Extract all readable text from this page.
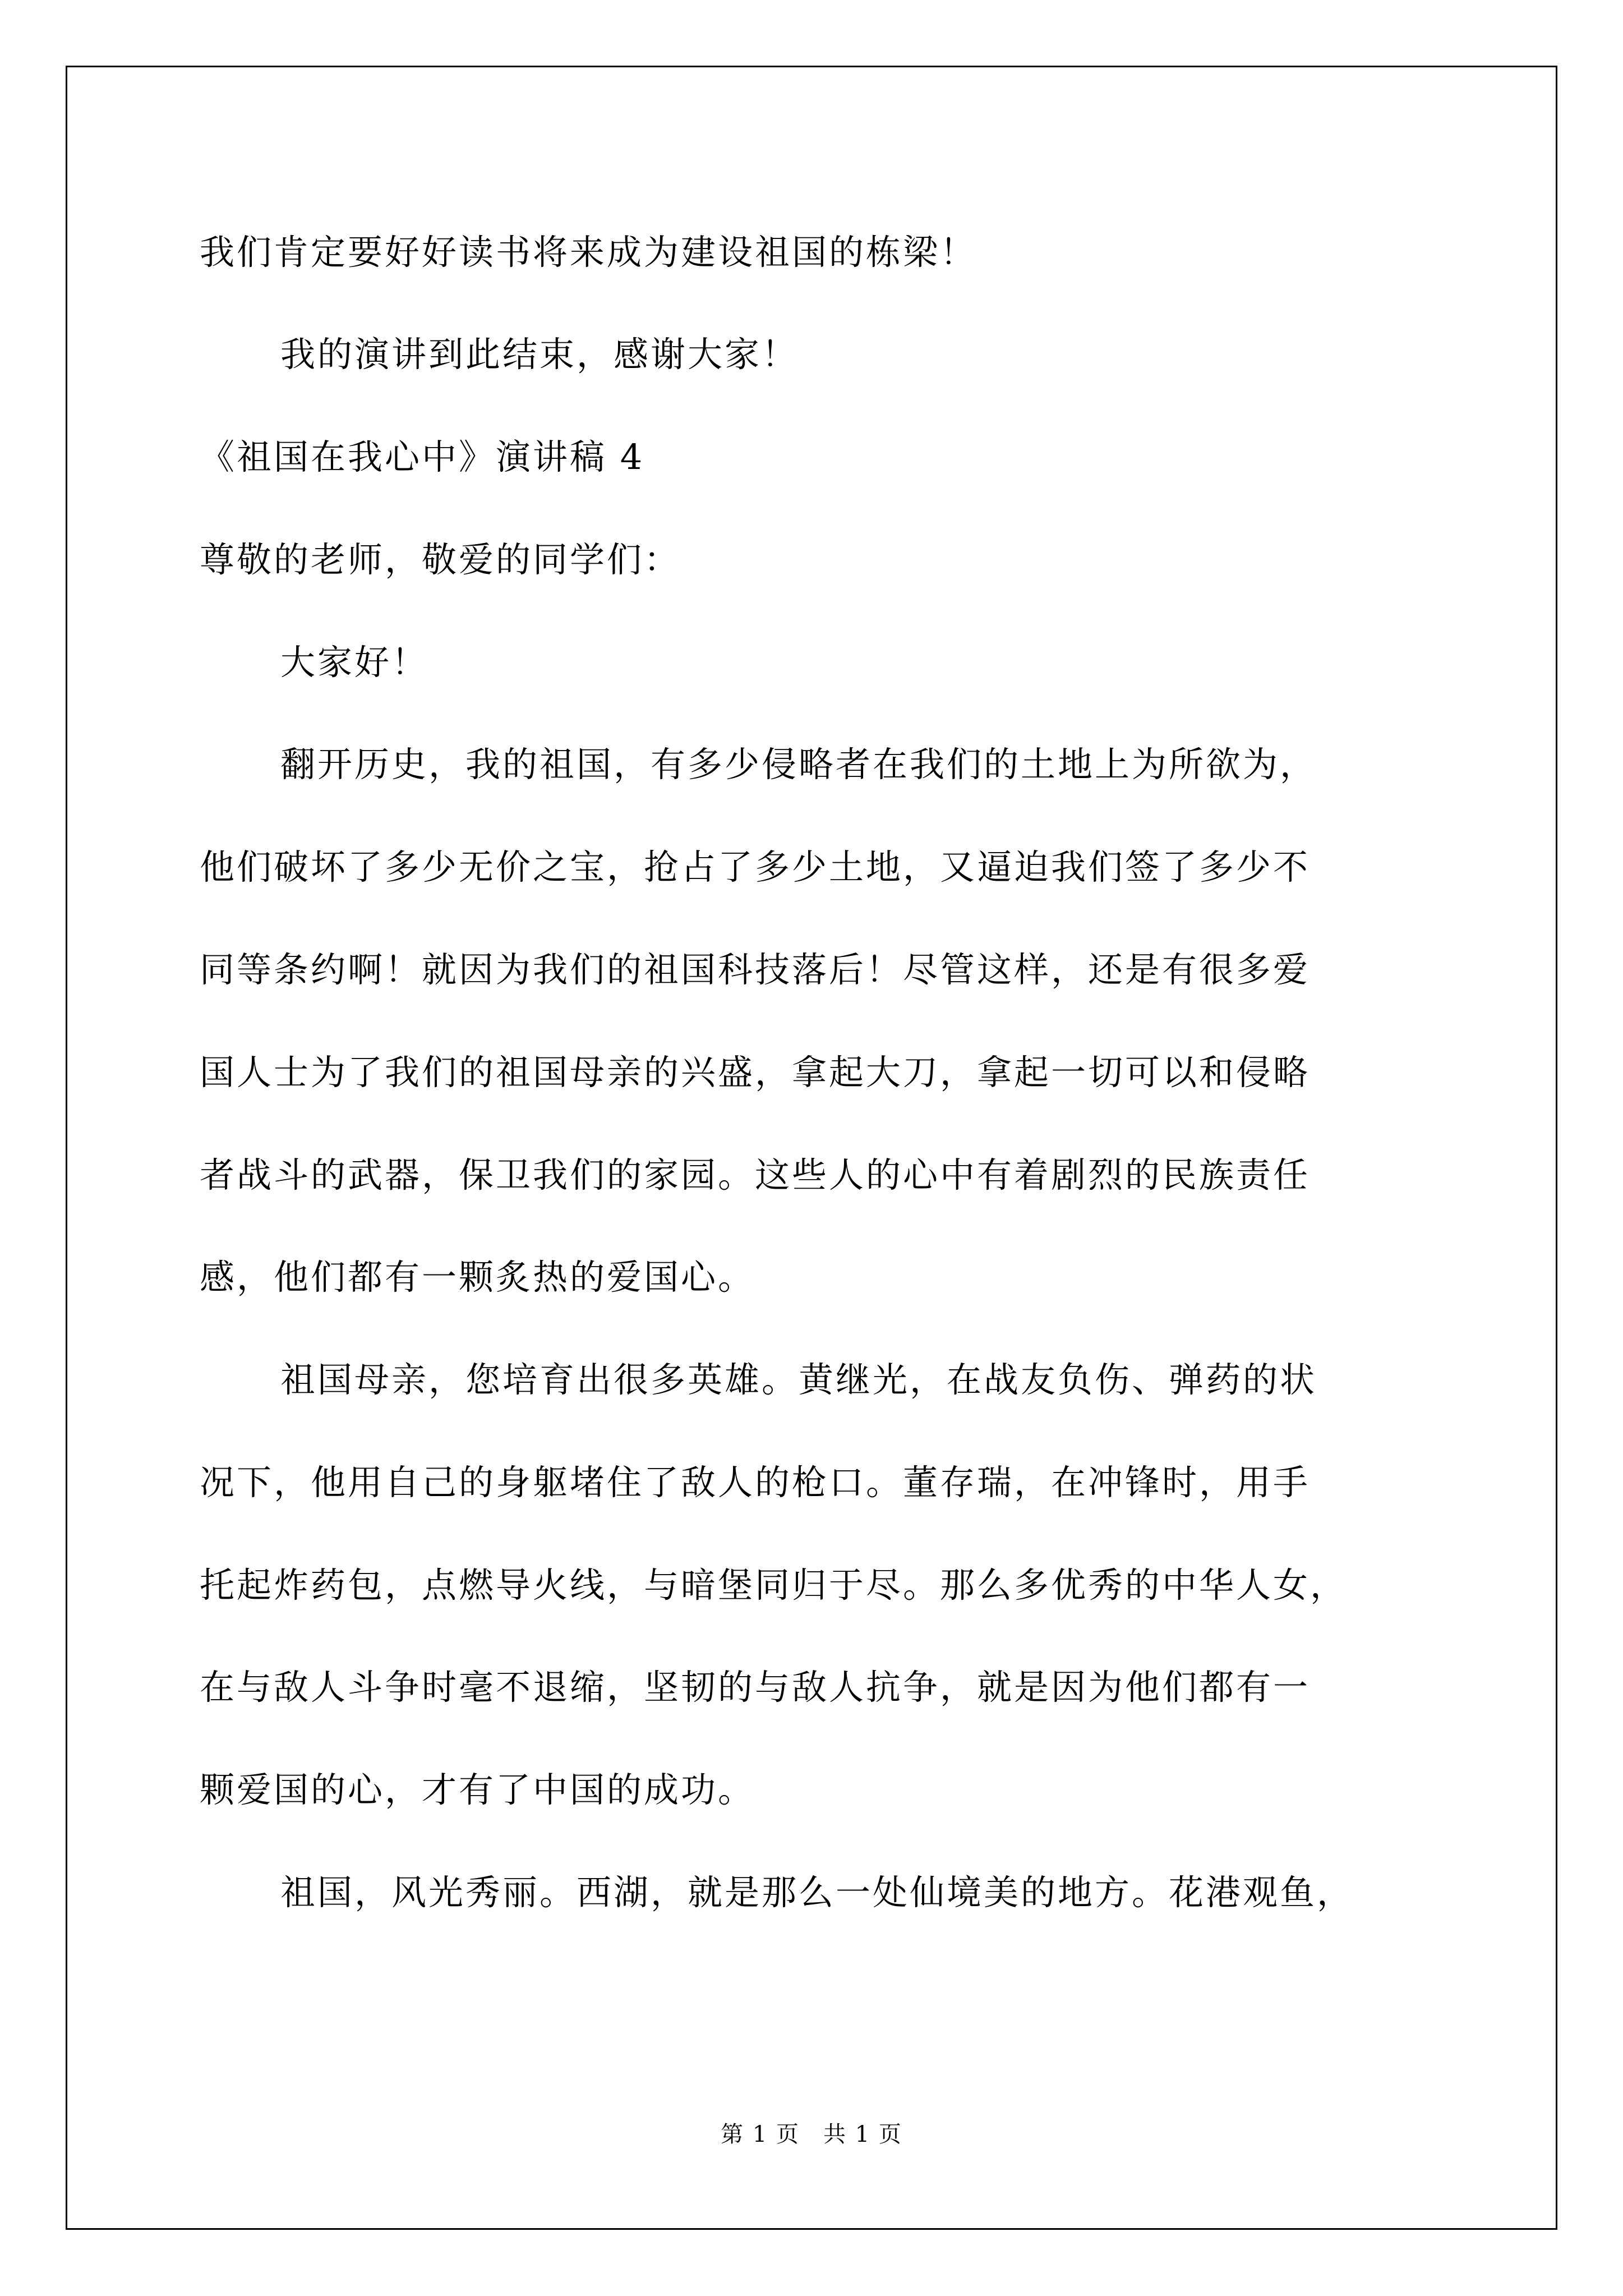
我们肯定要好好读书将来成为建设祖国的栋梁！
我的演讲到此结束，感谢大家！
《祖国在我心中》演讲稿 4
尊敬的老师，敬爱的同学们：
大家好！
翻开历史，我的祖国，有多少侵略者在我们的土地上为所欲为，
他们破坏了多少无价之宝，抢占了多少土地，又逼迫我们签了多少不
同等条约啊！就因为我们的祖国科技落后！尽管这样，还是有很多爱
国人士为了我们的祖国母亲的兴盛，拿起大刀，拿起一切可以和侵略
者战斗的武器，保卫我们的家园。这些人的心中有着剧烈的民族责任
感，他们都有一颗炙热的爱国心。
祖国母亲，您培育出很多英雄。黄继光，在战友负伤、弹药的状
况下，他用自己的身躯堵住了敌人的枪口。董存瑞，在冲锋时，用手
托起炸药包，点燃导火线，与暗堡同归于尽。那么多优秀的中华人女，
在与敌人斗争时毫不退缩，坚韧的与敌人抗争，就是因为他们都有一
颗爱国的心，才有了中国的成功。
祖国，风光秀丽。西湖，就是那么一处仙境美的地方。花港观鱼，
第 1 页　共 1 页
